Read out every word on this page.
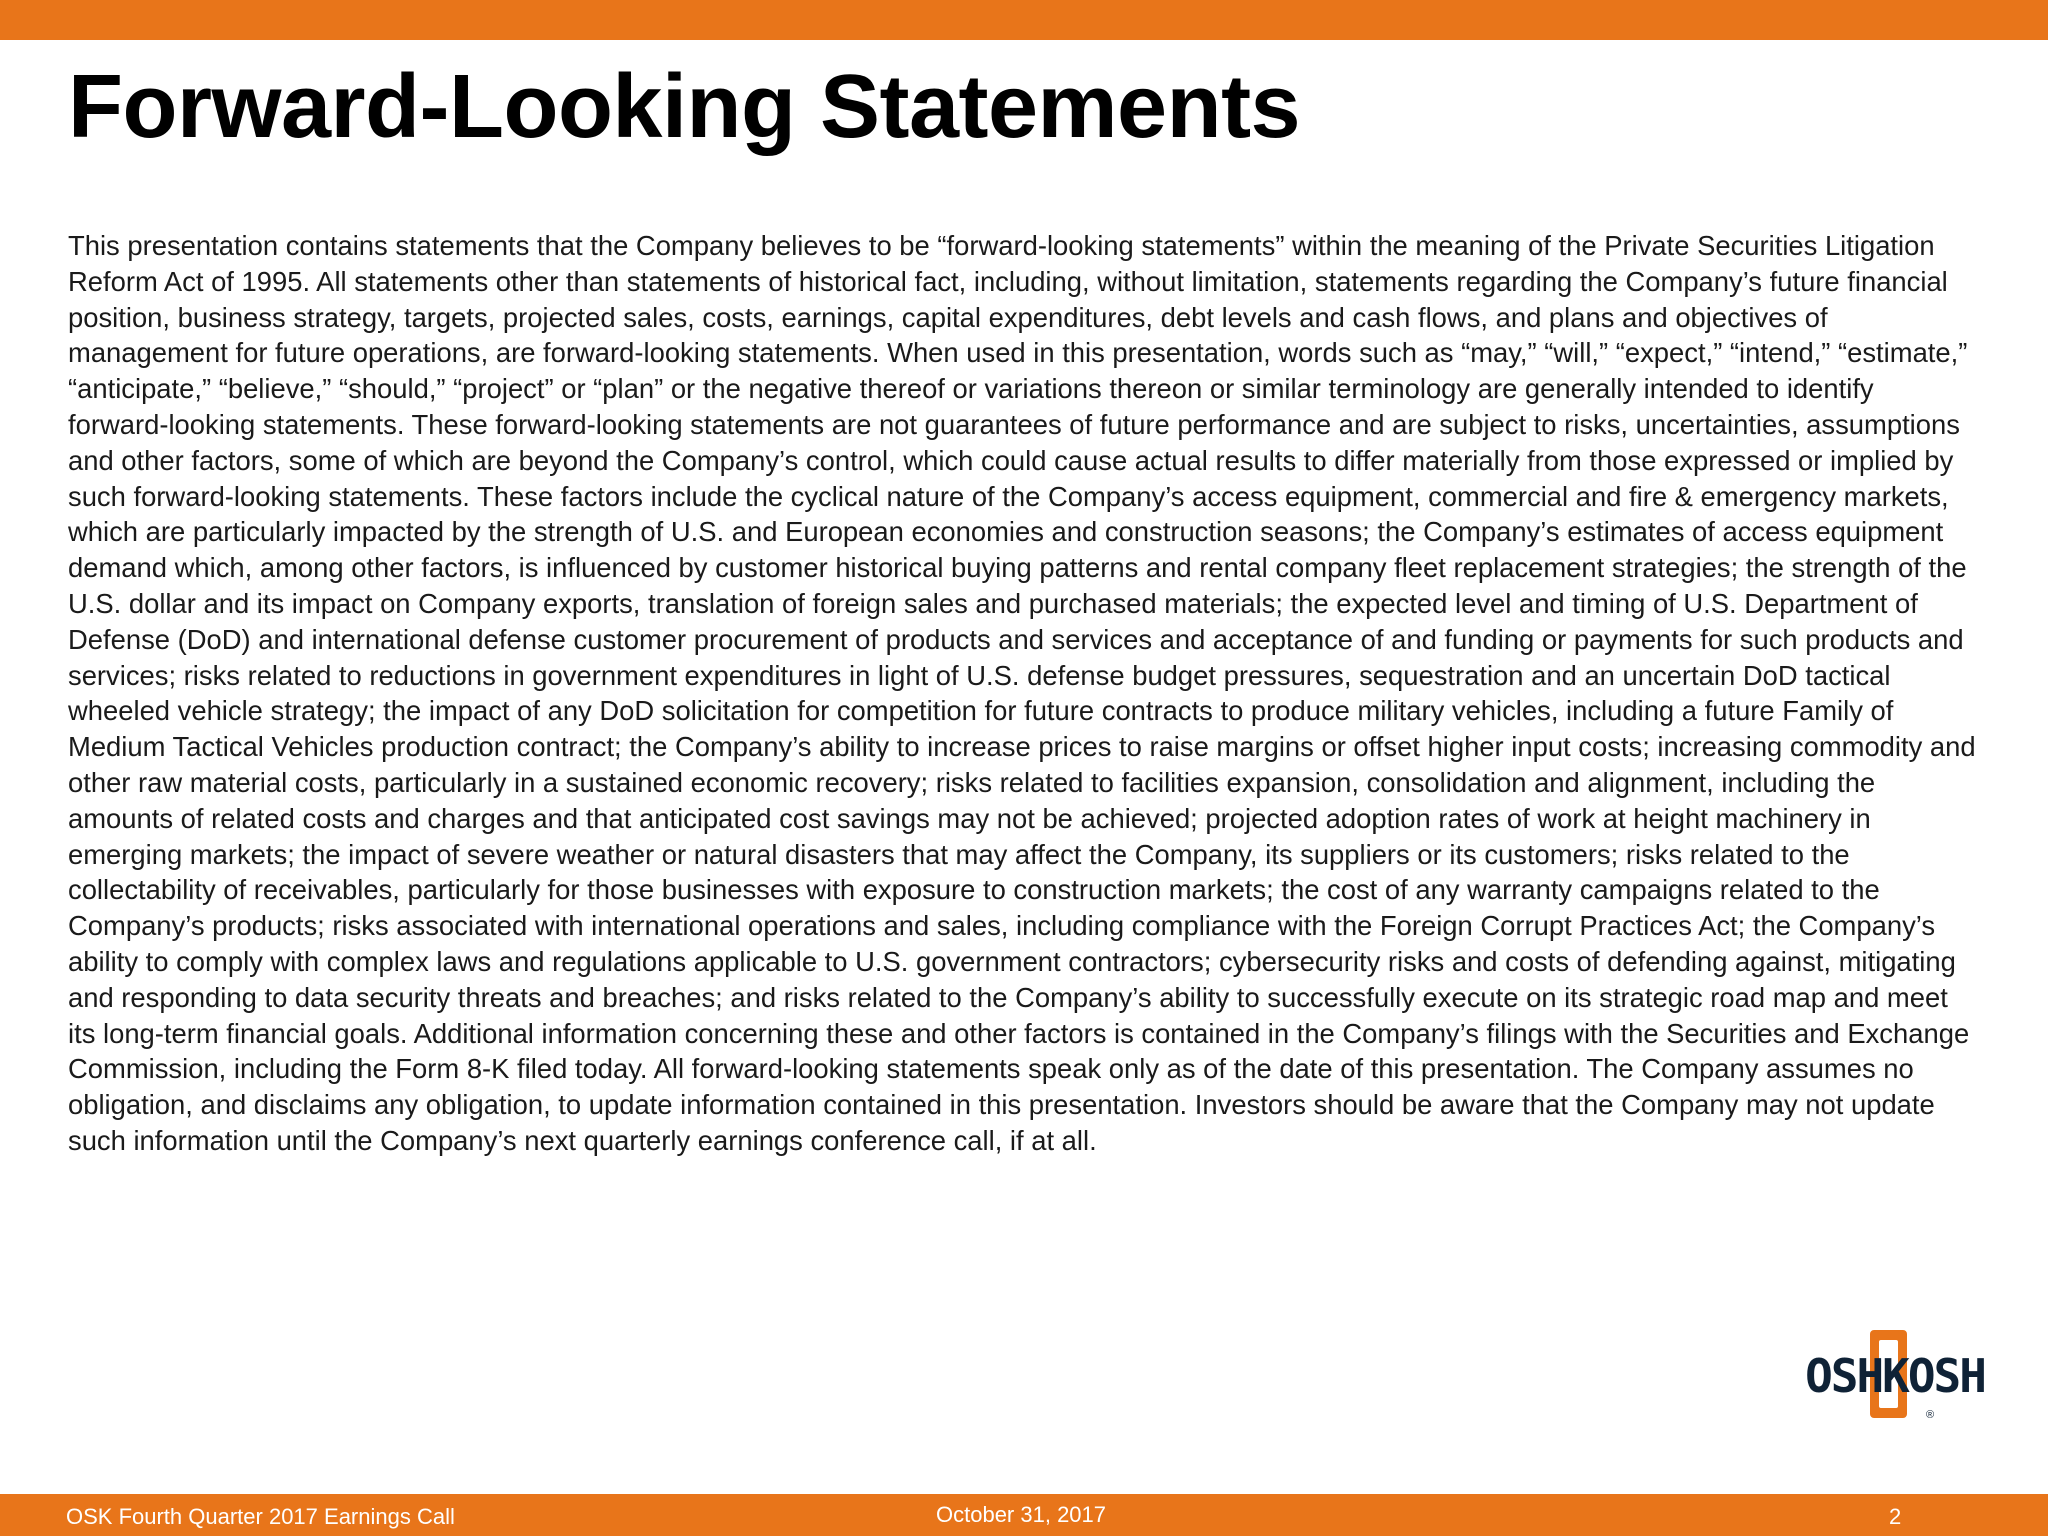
Forward-Looking Statements

This presentation contains statements that the Company believes to be “forward-looking statements” within the meaning of the Private Securities Litigation Reform Act of 1995. All statements other than statements of historical fact, including, without limitation, statements regarding the Company’s future financial position, business strategy, targets, projected sales, costs, earnings, capital expenditures, debt levels and cash flows, and plans and objectives of management for future operations, are forward-looking statements. When used in this presentation, words such as “may,” “will,” “expect,” “intend,” “estimate,” “anticipate,” “believe,” “should,” “project” or “plan” or the negative thereof or variations thereon or similar terminology are generally intended to identify forward-looking statements. These forward-looking statements are not guarantees of future performance and are subject to risks, uncertainties, assumptions and other factors, some of which are beyond the Company’s control, which could cause actual results to differ materially from those expressed or implied by such forward-looking statements. These factors include the cyclical nature of the Company’s access equipment, commercial and fire & emergency markets, which are particularly impacted by the strength of U.S. and European economies and construction seasons; the Company’s estimates of access equipment demand which, among other factors, is influenced by customer historical buying patterns and rental company fleet replacement strategies; the strength of the U.S. dollar and its impact on Company exports, translation of foreign sales and purchased materials; the expected level and timing of U.S. Department of Defense (DoD) and international defense customer procurement of products and services and acceptance of and funding or payments for such products and services; risks related to reductions in government expenditures in light of U.S. defense budget pressures, sequestration and an uncertain DoD tactical wheeled vehicle strategy; the impact of any DoD solicitation for competition for future contracts to produce military vehicles, including a future Family of Medium Tactical Vehicles production contract; the Company’s ability to increase prices to raise margins or offset higher input costs; increasing commodity and other raw material costs, particularly in a sustained economic recovery; risks related to facilities expansion, consolidation and alignment, including the amounts of related costs and charges and that anticipated cost savings may not be achieved; projected adoption rates of work at height machinery in emerging markets; the impact of severe weather or natural disasters that may affect the Company, its suppliers or its customers; risks related to the collectability of receivables, particularly for those businesses with exposure to construction markets; the cost of any warranty campaigns related to the Company’s products; risks associated with international operations and sales, including compliance with the Foreign Corrupt Practices Act; the Company’s ability to comply with complex laws and regulations applicable to U.S. government contractors; cybersecurity risks and costs of defending against, mitigating and responding to data security threats and breaches; and risks related to the Company’s ability to successfully execute on its strategic road map and meet its long-term financial goals. Additional information concerning these and other factors is contained in the Company’s filings with the Securities and Exchange Commission, including the Form 8-K filed today. All forward-looking statements speak only as of the date of this presentation. The Company assumes no obligation, and disclaims any obligation, to update information contained in this presentation. Investors should be aware that the Company may not update such information until the Company’s next quarterly earnings conference call, if at all.

OSHKOSH
®
OSK Fourth Quarter 2017 Earnings Call	October 31, 2017	2
